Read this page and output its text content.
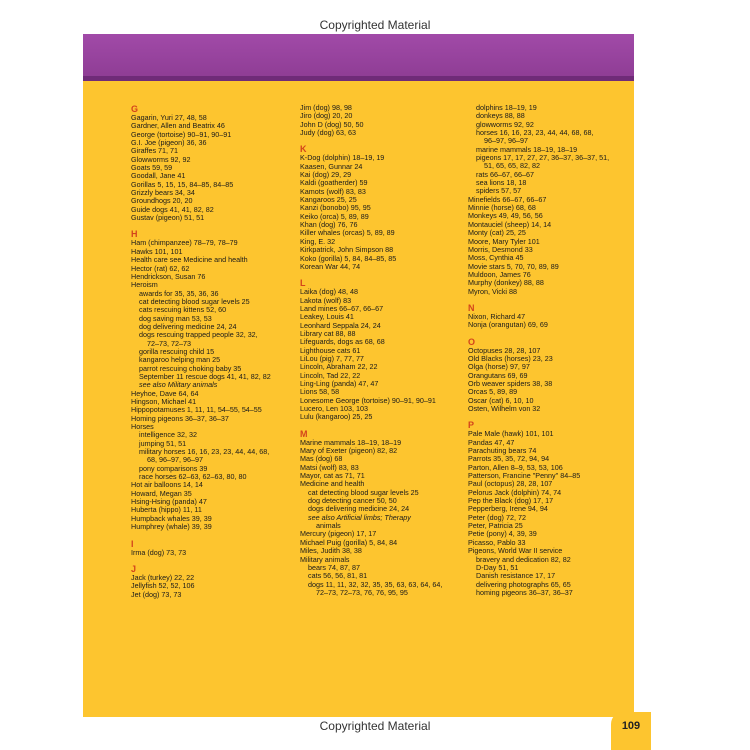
Copyrighted Material
G
Gagarin, Yuri 27, 48, 58
Gardner, Allen and Beatrix 46
George (tortoise) 90–91, 90–91
G.I. Joe (pigeon) 36, 36
Giraffes 71, 71
Glowworms 92, 92
Goats 59, 59
Goodall, Jane 41
Gorillas 5, 15, 15, 84–85, 84–85
Grizzly bears 34, 34
Groundhogs 20, 20
Guide dogs 41, 41, 82, 82
Gustav (pigeon) 51, 51
H
Ham (chimpanzee) 78–79, 78–79
Hawks 101, 101
Health care see Medicine and health
Hector (rat) 62, 62
Hendrickson, Susan 76
Heroism
awards for 35, 35, 36, 36
cat detecting blood sugar levels 25
cats rescuing kittens 52, 60
dog saving man 53, 53
dog delivering medicine 24, 24
dogs rescuing trapped people 32, 32,
72–73, 72–73
gorilla rescuing child 15
kangaroo helping man 25
parrot rescuing choking baby 35
September 11 rescue dogs 41, 41, 82, 82
see also Military animals
Heyhoe, Dave 64, 64
Hingson, Michael 41
Hippopotamuses 1, 11, 11, 54–55, 54–55
Homing pigeons 36–37, 36–37
Horses
intelligence 32, 32
jumping 51, 51
military horses 16, 16, 23, 23, 44, 44, 68,
68, 96–97, 96–97
pony comparisons 39
race horses 62–63, 62–63, 80, 80
Hot air balloons 14, 14
Howard, Megan 35
Hsing-Hsing (panda) 47
Huberta (hippo) 11, 11
Humpback whales 39, 39
Humphrey (whale) 39, 39
I
Irma (dog) 73, 73
J
Jack (turkey) 22, 22
Jellyfish 52, 52, 106
Jet (dog) 73, 73
Jim (dog) 98, 98
Jiro (dog) 20, 20
John D (dog) 50, 50
Judy (dog) 63, 63
K
K-Dog (dolphin) 18–19, 19
Kaasen, Gunnar 24
Kai (dog) 29, 29
Kaldi (goatherder) 59
Kamots (wolf) 83, 83
Kangaroos 25, 25
Kanzi (bonobo) 95, 95
Keiko (orca) 5, 89, 89
Khan (dog) 76, 76
Killer whales (orcas) 5, 89, 89
King, E. 32
Kirkpatrick, John Simpson 88
Koko (gorilla) 5, 84, 84–85, 85
Korean War 44, 74
L
Laika (dog) 48, 48
Lakota (wolf) 83
Land mines 66–67, 66–67
Leakey, Louis 41
Leonhard Seppala 24, 24
Library cat 88, 88
Lifeguards, dogs as 68, 68
Lighthouse cats 61
LiLou (pig) 7, 77, 77
Lincoln, Abraham 22, 22
Lincoln, Tad 22, 22
Ling-Ling (panda) 47, 47
Lions 58, 58
Lonesome George (tortoise) 90–91, 90–91
Lucero, Len 103, 103
Lulu (kangaroo) 25, 25
M
Marine mammals 18–19, 18–19
Mary of Exeter (pigeon) 82, 82
Mas (dog) 68
Matsi (wolf) 83, 83
Mayor, cat as 71, 71
Medicine and health
cat detecting blood sugar levels 25
dog detecting cancer 50, 50
dogs delivering medicine 24, 24
see also Artificial limbs; Therapy
animals
Mercury (pigeon) 17, 17
Michael Puig (gorilla) 5, 84, 84
Miles, Judith 38, 38
Military animals
bears 74, 87, 87
cats 56, 56, 81, 81
dogs 11, 11, 32, 32, 35, 35, 63, 63, 64, 64,
72–73, 72–73, 76, 76, 95, 95
dolphins 18–19, 19
donkeys 88, 88
glowworms 92, 92
horses 16, 16, 23, 23, 44, 44, 68, 68,
96–97, 96–97
marine mammals 18–19, 18–19
pigeons 17, 17, 27, 27, 36–37, 36–37, 51,
51, 65, 65, 82, 82
rats 66–67, 66–67
sea lions 18, 18
spiders 57, 57
Minefields 66–67, 66–67
Minnie (horse) 68, 68
Monkeys 49, 49, 56, 56
Montauciel (sheep) 14, 14
Monty (cat) 25, 25
Moore, Mary Tyler 101
Morris, Desmond 33
Moss, Cynthia 45
Movie stars 5, 70, 70, 89, 89
Muldoon, James 76
Murphy (donkey) 88, 88
Myron, Vicki 88
N
Nixon, Richard 47
Nonja (orangutan) 69, 69
O
Octopuses 28, 28, 107
Old Blacks (horses) 23, 23
Olga (horse) 97, 97
Orangutans 69, 69
Orb weaver spiders 38, 38
Orcas 5, 89, 89
Oscar (cat) 6, 10, 10
Osten, Wilhelm von 32
P
Pale Male (hawk) 101, 101
Pandas 47, 47
Parachuting bears 74
Parrots 35, 35, 72, 94, 94
Parton, Allen 8–9, 53, 53, 106
Patterson, Francine "Penny" 84–85
Paul (octopus) 28, 28, 107
Pelorus Jack (dolphin) 74, 74
Pep the Black (dog) 17, 17
Pepperberg, Irene 94, 94
Peter (dog) 72, 72
Peter, Patricia 25
Petie (pony) 4, 39, 39
Picasso, Pablo 33
Pigeons, World War II service
bravery and dedication 82, 82
D-Day 51, 51
Danish resistance 17, 17
delivering photographs 65, 65
homing pigeons 36–37, 36–37
109
Copyrighted Material
